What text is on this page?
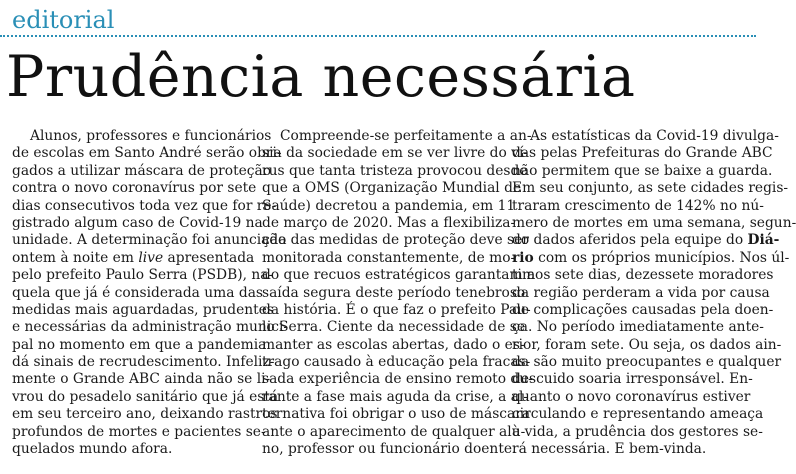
editorial
Prudência necessária
Alunos, professores e funcionários
de escolas em Santo André serão obri-
gados a utilizar máscara de proteção
contra o novo coronavírus por sete
dias consecutivos toda vez que for re-
gistrado algum caso de Covid-19 na
unidade. A determinação foi anunciada
ontem à noite em live apresentada
pelo prefeito Paulo Serra (PSDB), na-
quela que já é considerada uma das
medidas mais aguardadas, prudentes
e necessárias da administração munici-
pal no momento em que a pandemia
dá sinais de recrudescimento. Infeliz-
mente o Grande ABC ainda não se li-
vrou do pesadelo sanitário que já está
em seu terceiro ano, deixando rastros
profundos de mortes e pacientes se-
quelados mundo afora.
Compreende-se perfeitamente a an-
sia da sociedade em se ver livre do ví-
rus que tanta tristeza provocou desde
que a OMS (Organização Mundial de
Saúde) decretou a pandemia, em 11
de março de 2020. Mas a flexibiliza-
ção das medidas de proteção deve ser
monitorada constantemente, de mo-
do que recuos estratégicos garantam a
saída segura deste período tenebroso
da história. É o que faz o prefeito Pau-
lo Serra. Ciente da necessidade de se
manter as escolas abertas, dado o es-
trago causado à educação pela fracas-
sada experiência de ensino remoto du-
rante a fase mais aguda da crise, a al-
ternativa foi obrigar o uso de máscara
ante o aparecimento de qualquer alu-
no, professor ou funcionário doente.
As estatísticas da Covid-19 divulga-
das pelas Prefeituras do Grande ABC
não permitem que se baixe a guarda.
Em seu conjunto, as sete cidades regis-
traram crescimento de 142% no nú-
mero de mortes em uma semana, segun-
do dados aferidos pela equipe do Diá-
rio com os próprios municípios. Nos úl-
timos sete dias, dezessete moradores
da região perderam a vida por causa
de complicações causadas pela doen-
ça. No período imediatamente ante-
rior, foram sete. Ou seja, os dados ain-
da são muito preocupantes e qualquer
descuido soaria irresponsável. En-
quanto o novo coronavírus estiver
circulando e representando ameaça
à vida, a prudência dos gestores se-
rá necessária. E bem-vinda.
